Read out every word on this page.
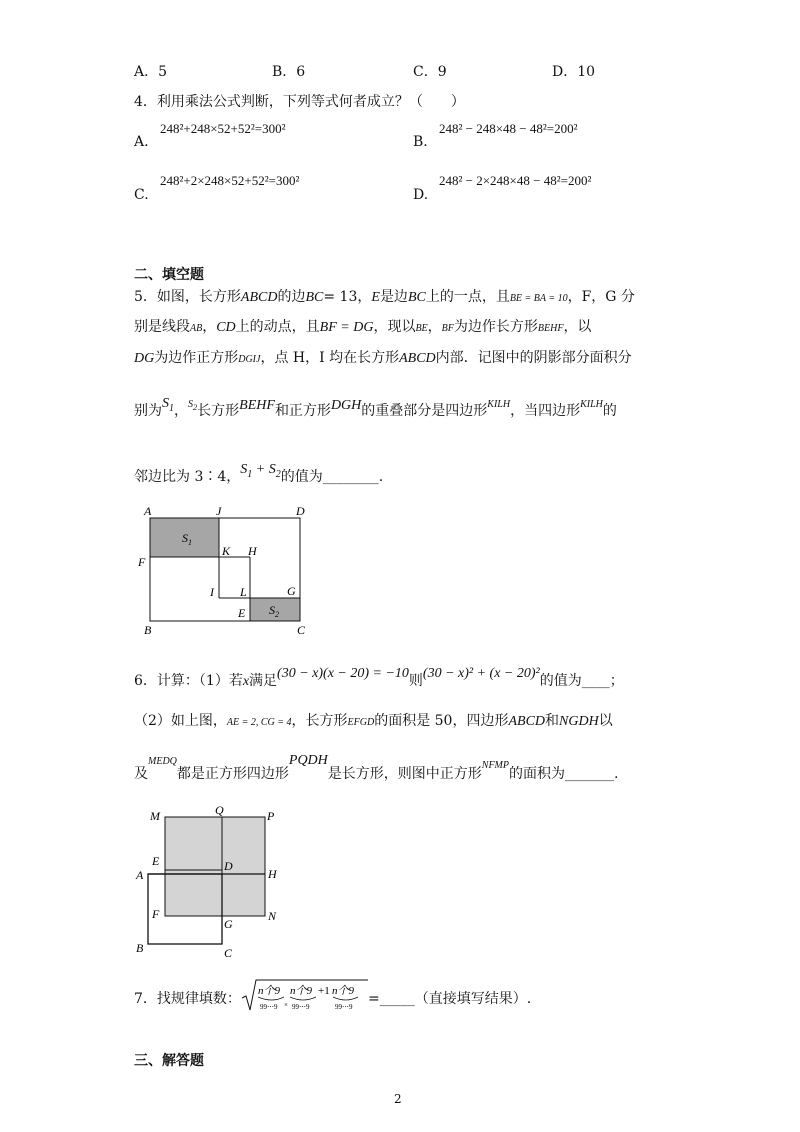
A．5	B．6	C．9	D．10
4．利用乘法公式判断，下列等式何者成立？（　　）
A.
248²+248×52+52²=300²
B.
248² − 248×48 − 48²=200²
C.
248²+2×248×52+52²=300²
D.
248² − 2×248×48 − 48²=200²
二、填空题
5．如图，长方形ABCD的边BC= 13，E是边BC上的一点，且BE = BA = 10，F，G 分
别是线段AB，CD上的动点，且BF = DG，现以BE，BF为边作长方形BEHF，以
DG为边作正方形DGIJ，点 H，I 均在长方形ABCD内部．记图中的阴影部分面积分
别为$S_1$，$^{S_2}$长方形BEHF和正方形DGH的重叠部分是四边形$^{KILH}$，当四边形$^{KILH}$的
邻边比为 3∶4，$S_1 + S_2$的值为________.
A	J	D
F
K H
I L	G
B
E
C
$S_1$
$S_2$
6．计算：（1）若x满足(30 − x)(x − 20) = −10则(30 − x)² + (x − 20)²的值为____；
（2）如上图，AE = 2, CG = 4，长方形EFGD的面积是 50，四边形ABCD和NGDH以
及$^{MEDQ}$都是正方形四边形PQDH是长方形，则图中正方形$^{NFMP}$的面积为_______.
M	Q	P
E	D
A	H
F
G
N
B	C
7．找规律填数： n个9
99⋯9 ×
n个9
99⋯9
+1 n个9
99⋯9 =_____（直接填写结果）.
三、解答题
2
